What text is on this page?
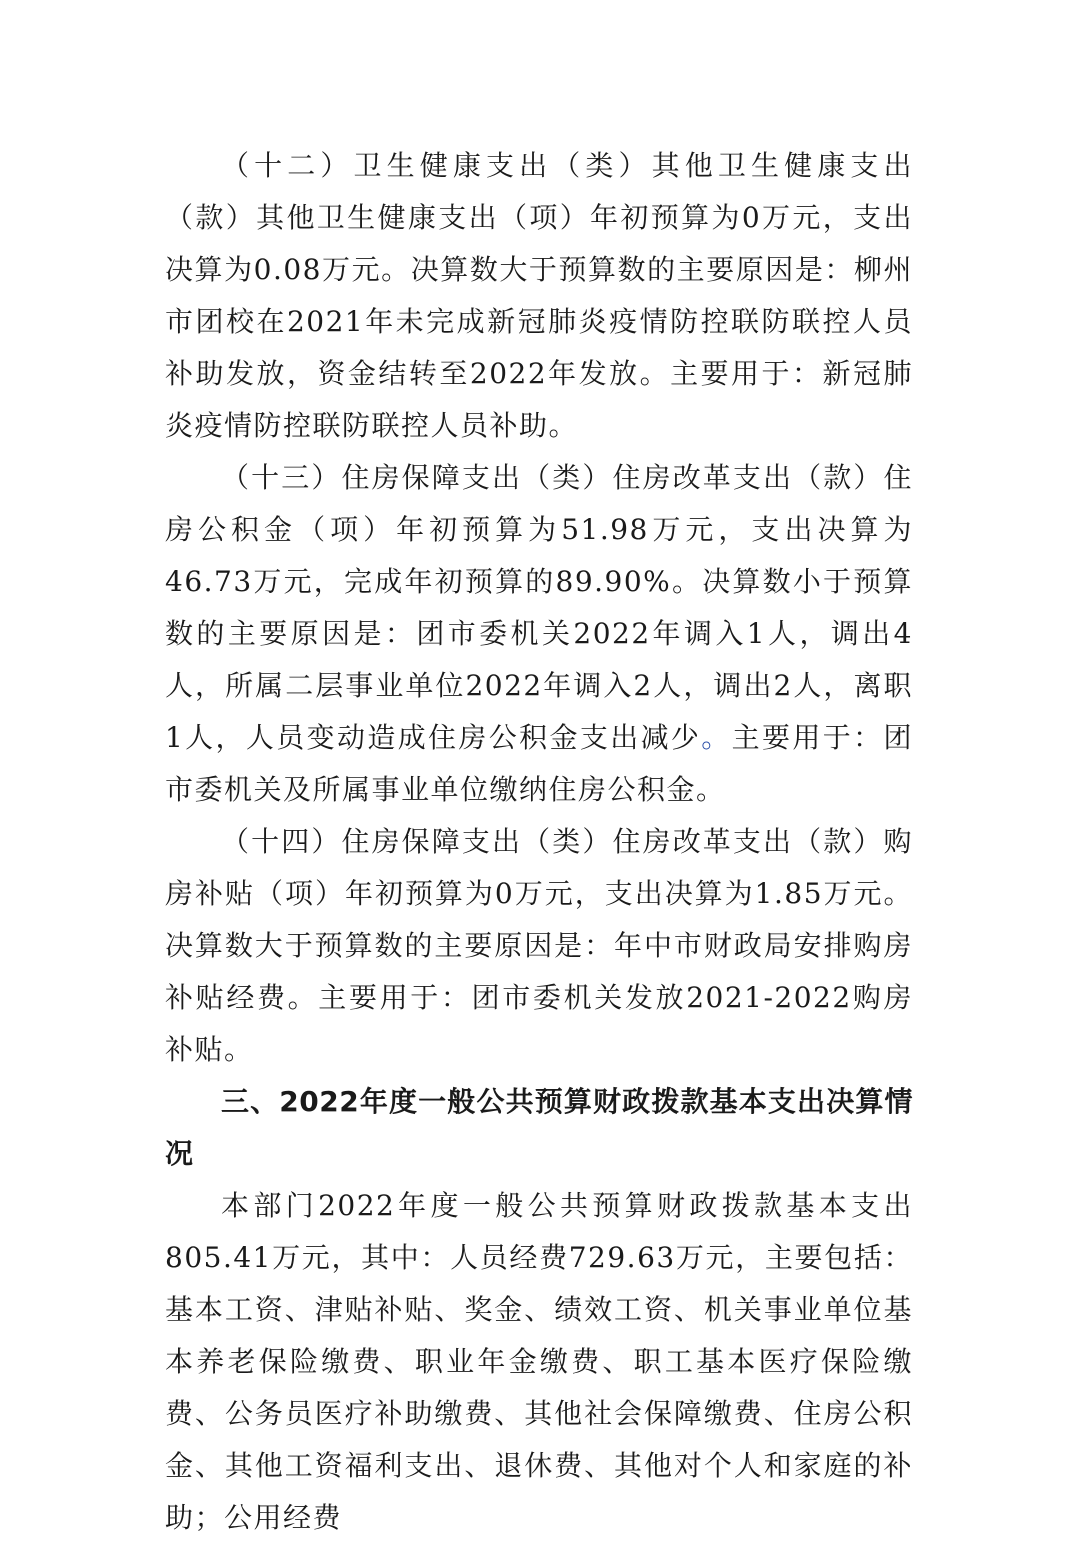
（十二）卫生健康支出（类）其他卫生健康支出（款）其他卫生健康支出（项）年初预算为0万元，支出决算为0.08万元。决算数大于预算数的主要原因是：柳州市团校在2021年未完成新冠肺炎疫情防控联防联控人员补助发放，资金结转至2022年发放。主要用于：新冠肺炎疫情防控联防联控人员补助。

（十三）住房保障支出（类）住房改革支出（款）住房公积金（项）年初预算为51.98万元，支出决算为46.73万元，完成年初预算的89.90%。决算数小于预算数的主要原因是：团市委机关2022年调入1人，调出4人，所属二层事业单位2022年调入2人，调出2人，离职1人，人员变动造成住房公积金支出减少。主要用于：团市委机关及所属事业单位缴纳住房公积金。

（十四）住房保障支出（类）住房改革支出（款）购房补贴（项）年初预算为0万元，支出决算为1.85万元。决算数大于预算数的主要原因是：年中市财政局安排购房补贴经费。主要用于：团市委机关发放2021-2022购房补贴。

三、2022年度一般公共预算财政拨款基本支出决算情况

本部门2022年度一般公共预算财政拨款基本支出805.41万元，其中：人员经费729.63万元，主要包括：基本工资、津贴补贴、奖金、绩效工资、机关事业单位基本养老保险缴费、职业年金缴费、职工基本医疗保险缴费、公务员医疗补助缴费、其他社会保障缴费、住房公积金、其他工资福利支出、退休费、其他对个人和家庭的补助；公用经费
